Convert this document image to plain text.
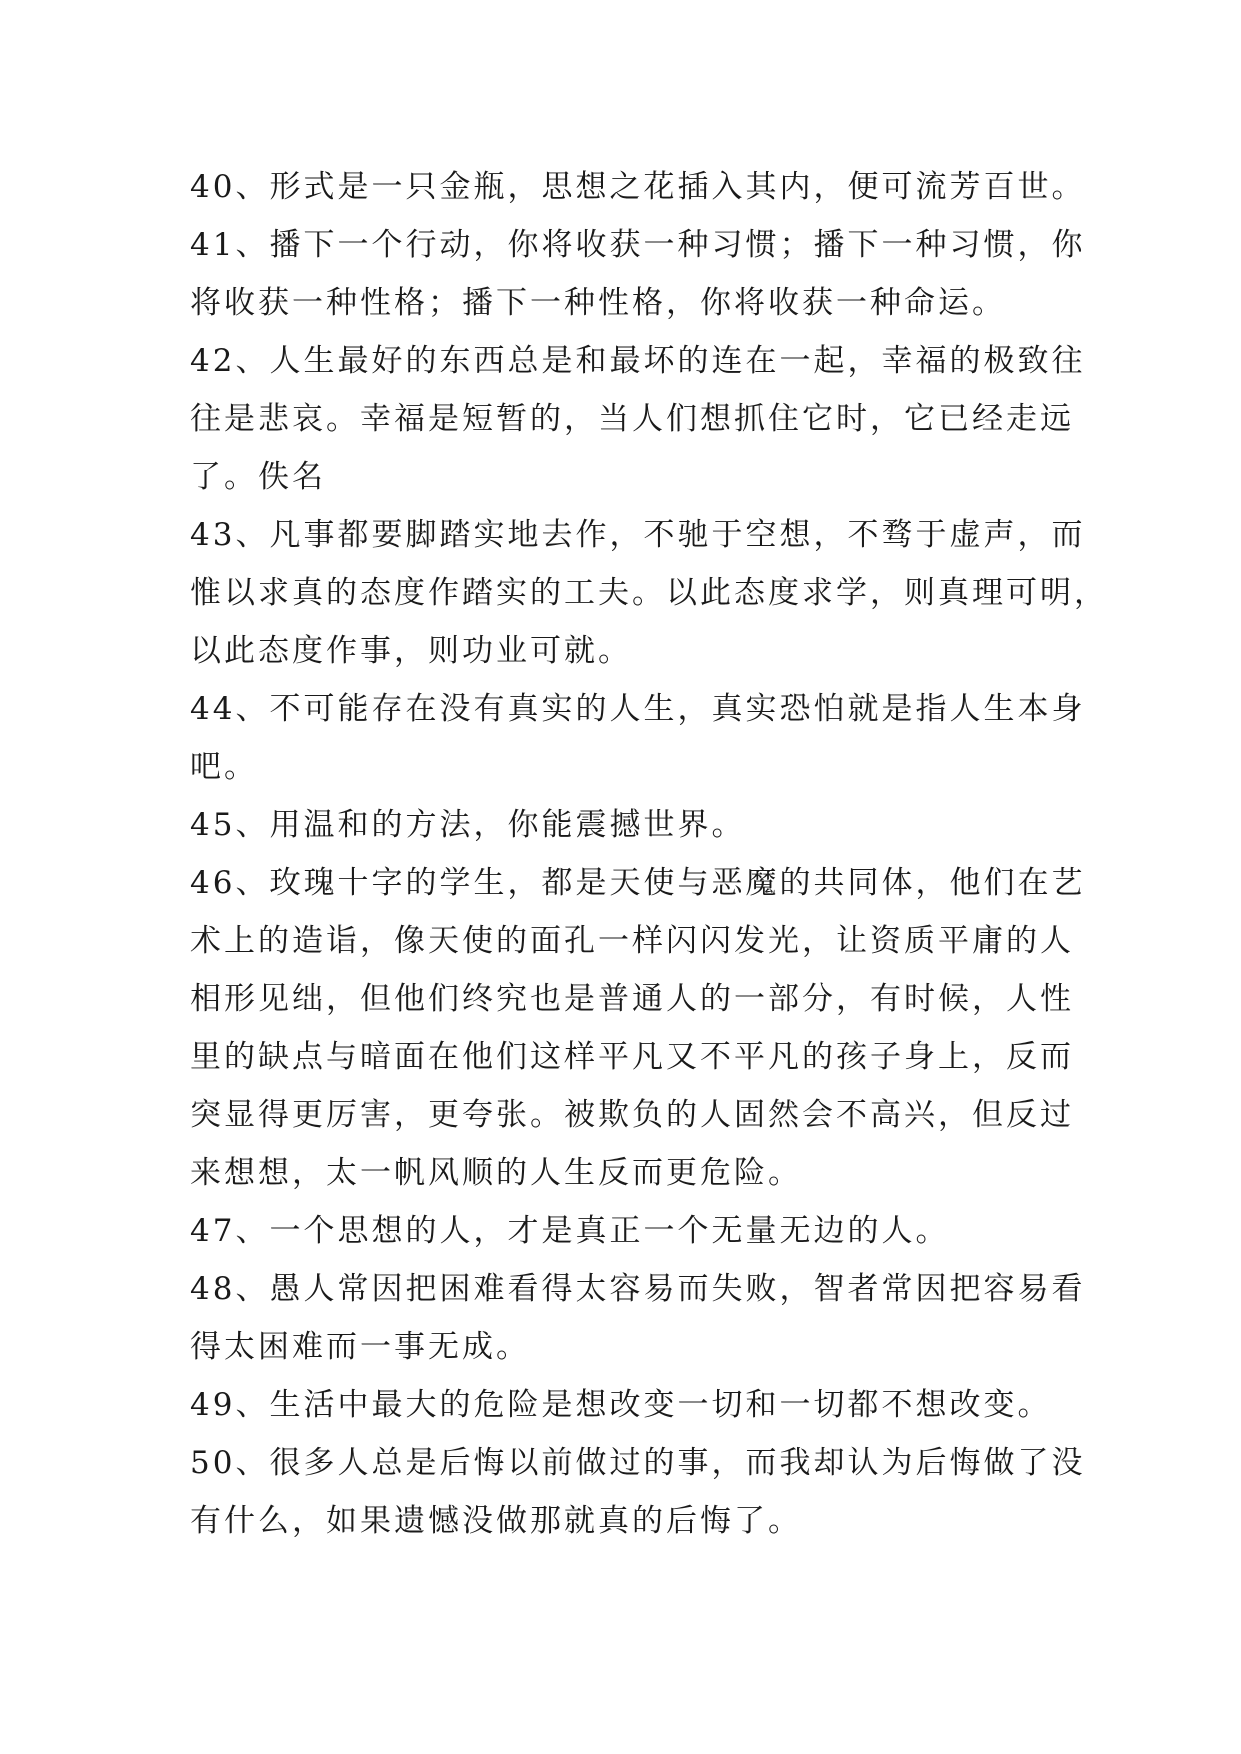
40、形式是一只金瓶，思想之花插入其内，便可流芳百世。
41、播下一个行动，你将收获一种习惯；播下一种习惯，你
将收获一种性格；播下一种性格，你将收获一种命运。
42、人生最好的东西总是和最坏的连在一起，幸福的极致往
往是悲哀。幸福是短暂的，当人们想抓住它时，它已经走远
了。佚名
43、凡事都要脚踏实地去作，不驰于空想，不骛于虚声，而
惟以求真的态度作踏实的工夫。以此态度求学，则真理可明，
以此态度作事，则功业可就。
44、不可能存在没有真实的人生，真实恐怕就是指人生本身
吧。
45、用温和的方法，你能震撼世界。
46、玫瑰十字的学生，都是天使与恶魔的共同体，他们在艺
术上的造诣，像天使的面孔一样闪闪发光，让资质平庸的人
相形见绌，但他们终究也是普通人的一部分，有时候，人性
里的缺点与暗面在他们这样平凡又不平凡的孩子身上，反而
突显得更厉害，更夸张。被欺负的人固然会不高兴，但反过
来想想，太一帆风顺的人生反而更危险。
47、一个思想的人，才是真正一个无量无边的人。
48、愚人常因把困难看得太容易而失败，智者常因把容易看
得太困难而一事无成。
49、生活中最大的危险是想改变一切和一切都不想改变。
50、很多人总是后悔以前做过的事，而我却认为后悔做了没
有什么，如果遗憾没做那就真的后悔了。
